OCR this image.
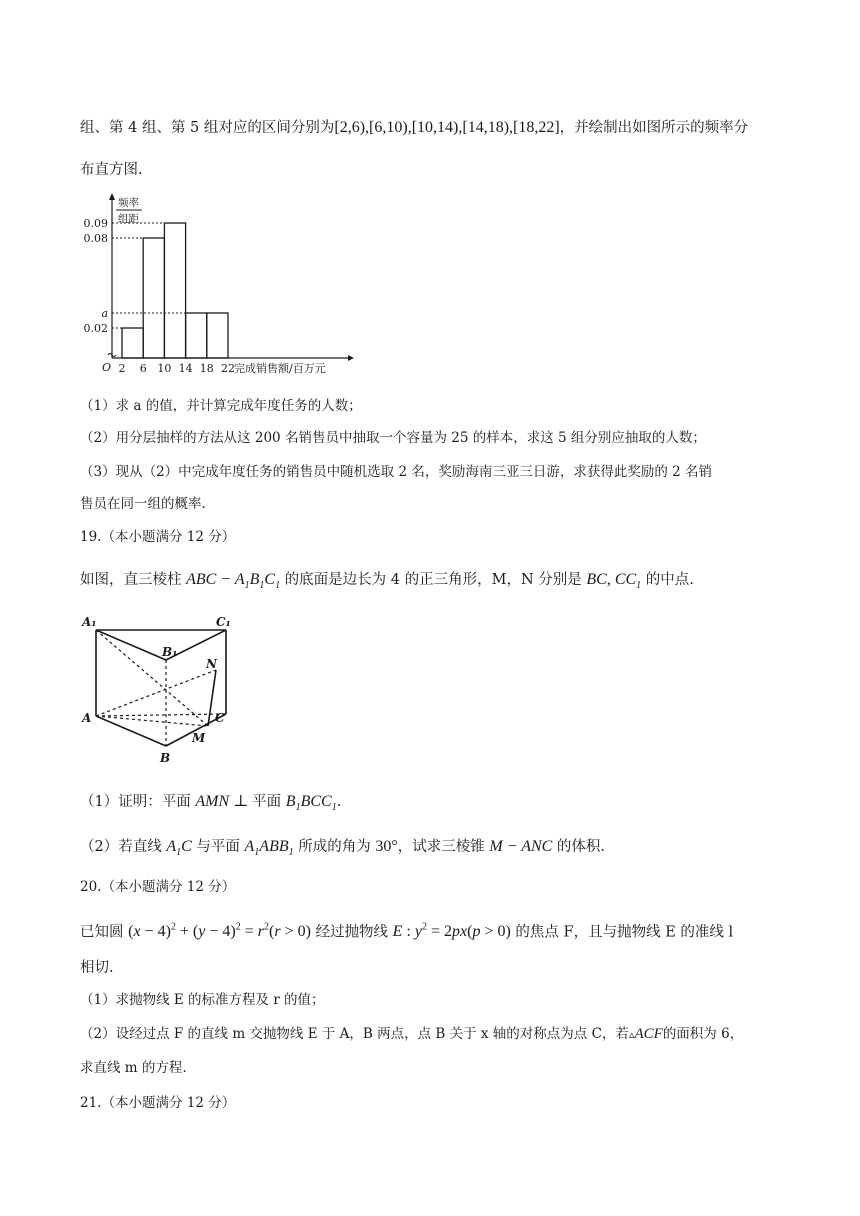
组、第 4 组、第 5 组对应的区间分别为[2,6),[6,10),[10,14),[14,18),[18,22]，并绘制出如图所示的频率分
布直方图.
0.09
0.08
a
0.02
2 6 10 14 18 22
O	完成销售额/百万元
频率
组距
（1）求 a 的值，并计算完成年度任务的人数；
（2）用分层抽样的方法从这 200 名销售员中抽取一个容量为 25 的样本，求这 5 组分别应抽取的人数；
（3）现从（2）中完成年度任务的销售员中随机选取 2 名，奖励海南三亚三日游，求获得此奖励的 2 名销
售员在同一组的概率.
19.（本小题满分 12 分）
如图，直三棱柱 ABC − $A_1B_1C_1$ 的底面是边长为 4 的正三角形，M，N 分别是 BC, $CC_1$ 的中点.
A₁	C₁
B₁
N
A	C
M
B
（1）证明：平面 AMN ⊥ 平面 $B_1BCC_1$.
（2）若直线 $A_1C$ 与平面 $A_1ABB_1$ 所成的角为 30°，试求三棱锥 M − ANC 的体积.
20.（本小题满分 12 分）
已知圆 $(x - 4)^2 + (y - 4)^2 = r^2(r > 0)$ 经过抛物线 E : $y^2 = 2px(p > 0)$ 的焦点 F，且与抛物线 E 的准线 l
相切.
（1）求抛物线 E 的标准方程及 r 的值；
（2）设经过点 F 的直线 m 交抛物线 E 于 A，B 两点，点 B 关于 x 轴的对称点为点 C，若▵ACF的面积为 6，
求直线 m 的方程.
21.（本小题满分 12 分）
